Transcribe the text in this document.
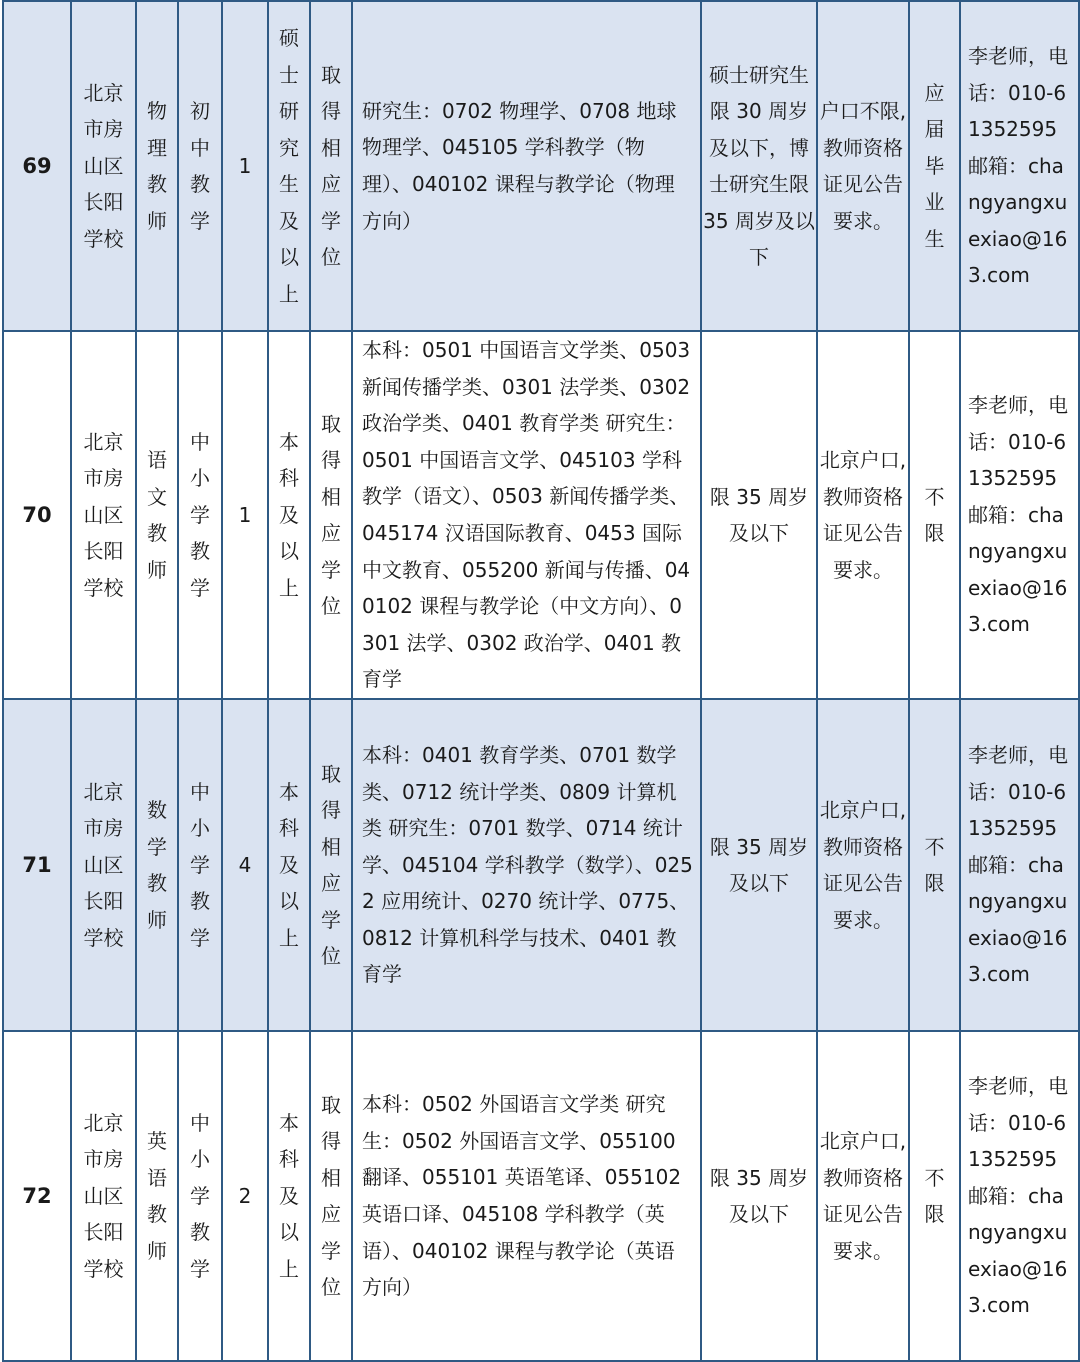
69	北京市房山区长阳学校	物理教师	初中教学	1	硕士研究生及以上	取得相应学位	研究生：0702 物理学、0708 地球物理学、045105 学科教学（物理）、040102 课程与教学论（物理方向）	硕士研究生限 30 周岁及以下，博士研究生限 35 周岁及以下	户口不限,教师资格证见公告要求。	应届毕业生	李老师，电话：010-61352595 邮箱：changyangxuexiao@163.com
70	北京市房山区长阳学校	语文教师	中小学教学	1	本科及以上	取得相应学位	本科：0501 中国语言文学类、0503 新闻传播学类、0301 法学类、0302 政治学类、0401 教育学类 研究生：0501 中国语言文学、045103 学科教学（语文）、0503 新闻传播学类、045174 汉语国际教育、0453 国际中文教育、055200 新闻与传播、040102 课程与教学论（中文方向）、0301 法学、0302 政治学、0401 教育学	限 35 周岁及以下	北京户口,教师资格证见公告要求。	不限	李老师，电话：010-61352595 邮箱：changyangxuexiao@163.com
71	北京市房山区长阳学校	数学教师	中小学教学	4	本科及以上	取得相应学位	本科：0401 教育学类、0701 数学类、0712 统计学类、0809 计算机类 研究生：0701 数学、0714 统计学、045104 学科教学（数学）、0252 应用统计、0270 统计学、0775、0812 计算机科学与技术、0401 教育学	限 35 周岁及以下	北京户口,教师资格证见公告要求。	不限	李老师，电话：010-61352595 邮箱：changyangxuexiao@163.com
72	北京市房山区长阳学校	英语教师	中小学教学	2	本科及以上	取得相应学位	本科：0502 外国语言文学类 研究生：0502 外国语言文学、055100 翻译、055101 英语笔译、055102 英语口译、045108 学科教学（英语）、040102 课程与教学论（英语方向）	限 35 周岁及以下	北京户口,教师资格证见公告要求。	不限	李老师，电话：010-61352595 邮箱：changyangxuexiao@163.com
